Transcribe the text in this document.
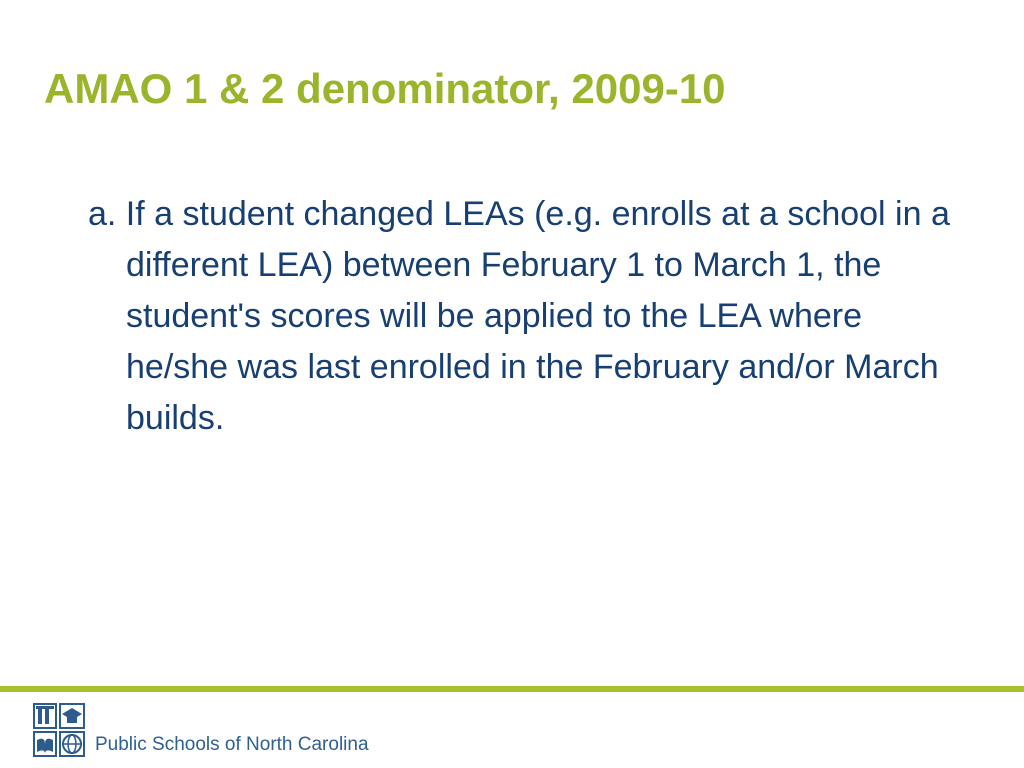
AMAO 1 & 2 denominator, 2009-10

a. If a student changed LEAs (e.g. enrolls at a school in a different LEA) between February 1 to March 1, the student's scores will be applied to the LEA where he/she was last enrolled in the February and/or March builds.

Public Schools of North Carolina
